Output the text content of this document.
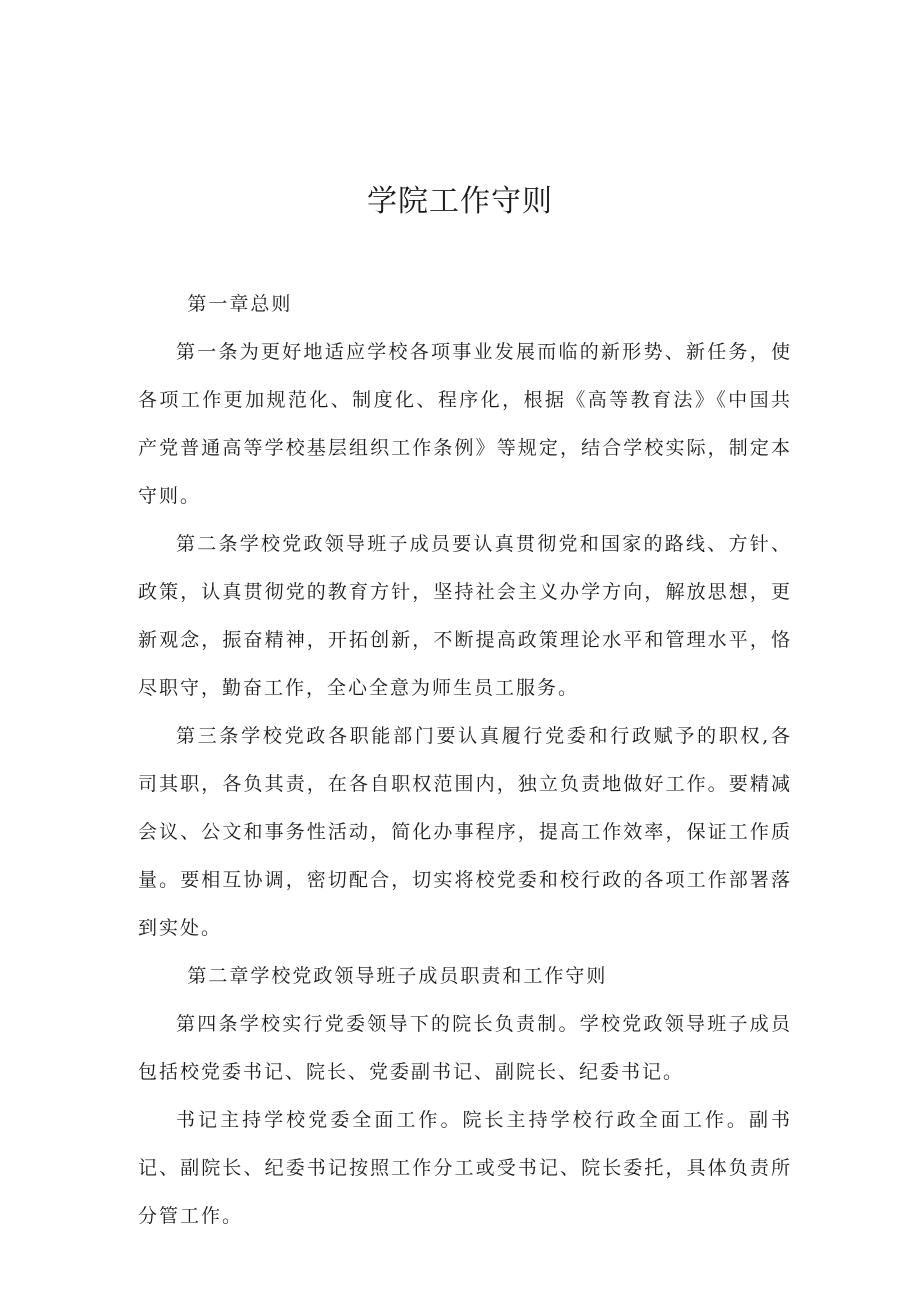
学院工作守则

第一章总则

第一条为更好地适应学校各项事业发展而临的新形势、新任务，使各项工作更加规范化、制度化、程序化，根据《高等教育法》《中国共产党普通高等学校基层组织工作条例》等规定，结合学校实际，制定本守则。

第二条学校党政领导班子成员要认真贯彻党和国家的路线、方针、政策，认真贯彻党的教育方针，坚持社会主义办学方向，解放思想，更新观念，振奋精神，开拓创新，不断提高政策理论水平和管理水平，恪尽职守，勤奋工作，全心全意为师生员工服务。

第三条学校党政各职能部门要认真履行党委和行政赋予的职权,各司其职，各负其责，在各自职权范围内，独立负责地做好工作。要精减会议、公文和事务性活动，简化办事程序，提高工作效率，保证工作质量。要相互协调，密切配合，切实将校党委和校行政的各项工作部署落到实处。

第二章学校党政领导班子成员职责和工作守则

第四条学校实行党委领导下的院长负责制。学校党政领导班子成员包括校党委书记、院长、党委副书记、副院长、纪委书记。

书记主持学校党委全面工作。院长主持学校行政全面工作。副书记、副院长、纪委书记按照工作分工或受书记、院长委托，具体负责所分管工作。
